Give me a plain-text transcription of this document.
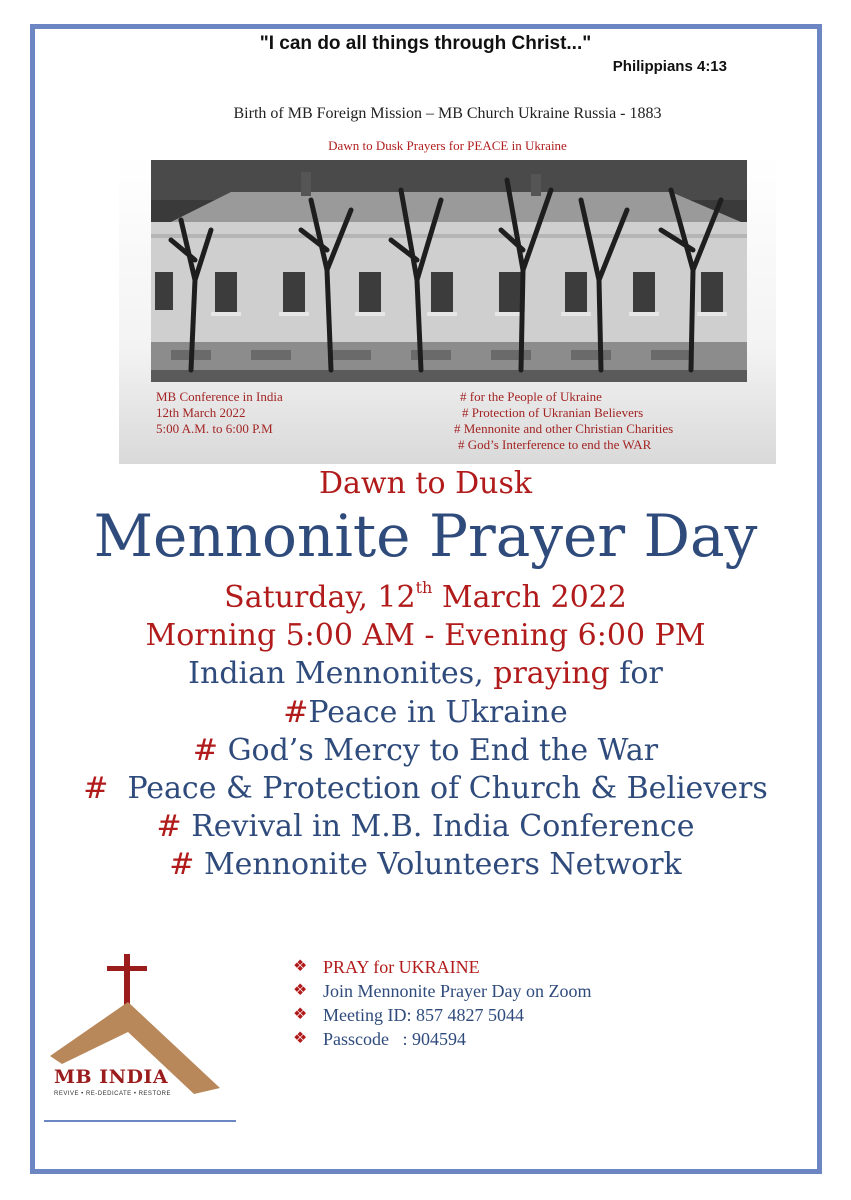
"I can do all things through Christ..."
Philippians 4:13
Birth of MB Foreign Mission – MB Church Ukraine Russia - 1883
Dawn to Dusk Prayers for PEACE in Ukraine
MB Conference in India
12th March 2022
5:00 A.M. to 6:00 P.M
# for the People of Ukraine
# Protection of Ukranian Believers
# Mennonite and other Christian Charities
# God’s Interference to end the WAR
Dawn to Dusk
Mennonite Prayer Day
Saturday, 12th March 2022
Morning 5:00 AM - Evening 6:00 PM
Indian Mennonites, praying for
#Peace in Ukraine
# God’s Mercy to End the War
#  Peace & Protection of Church & Believers
# Revival in M.B. India Conference
# Mennonite Volunteers Network
MB INDIA
REVIVE • RE-DEDICATE • RESTORE
❖ PRAY for UKRAINE
❖ Join Mennonite Prayer Day on Zoom
❖ Meeting ID: 857 4827 5044
❖ Passcode   : 904594
